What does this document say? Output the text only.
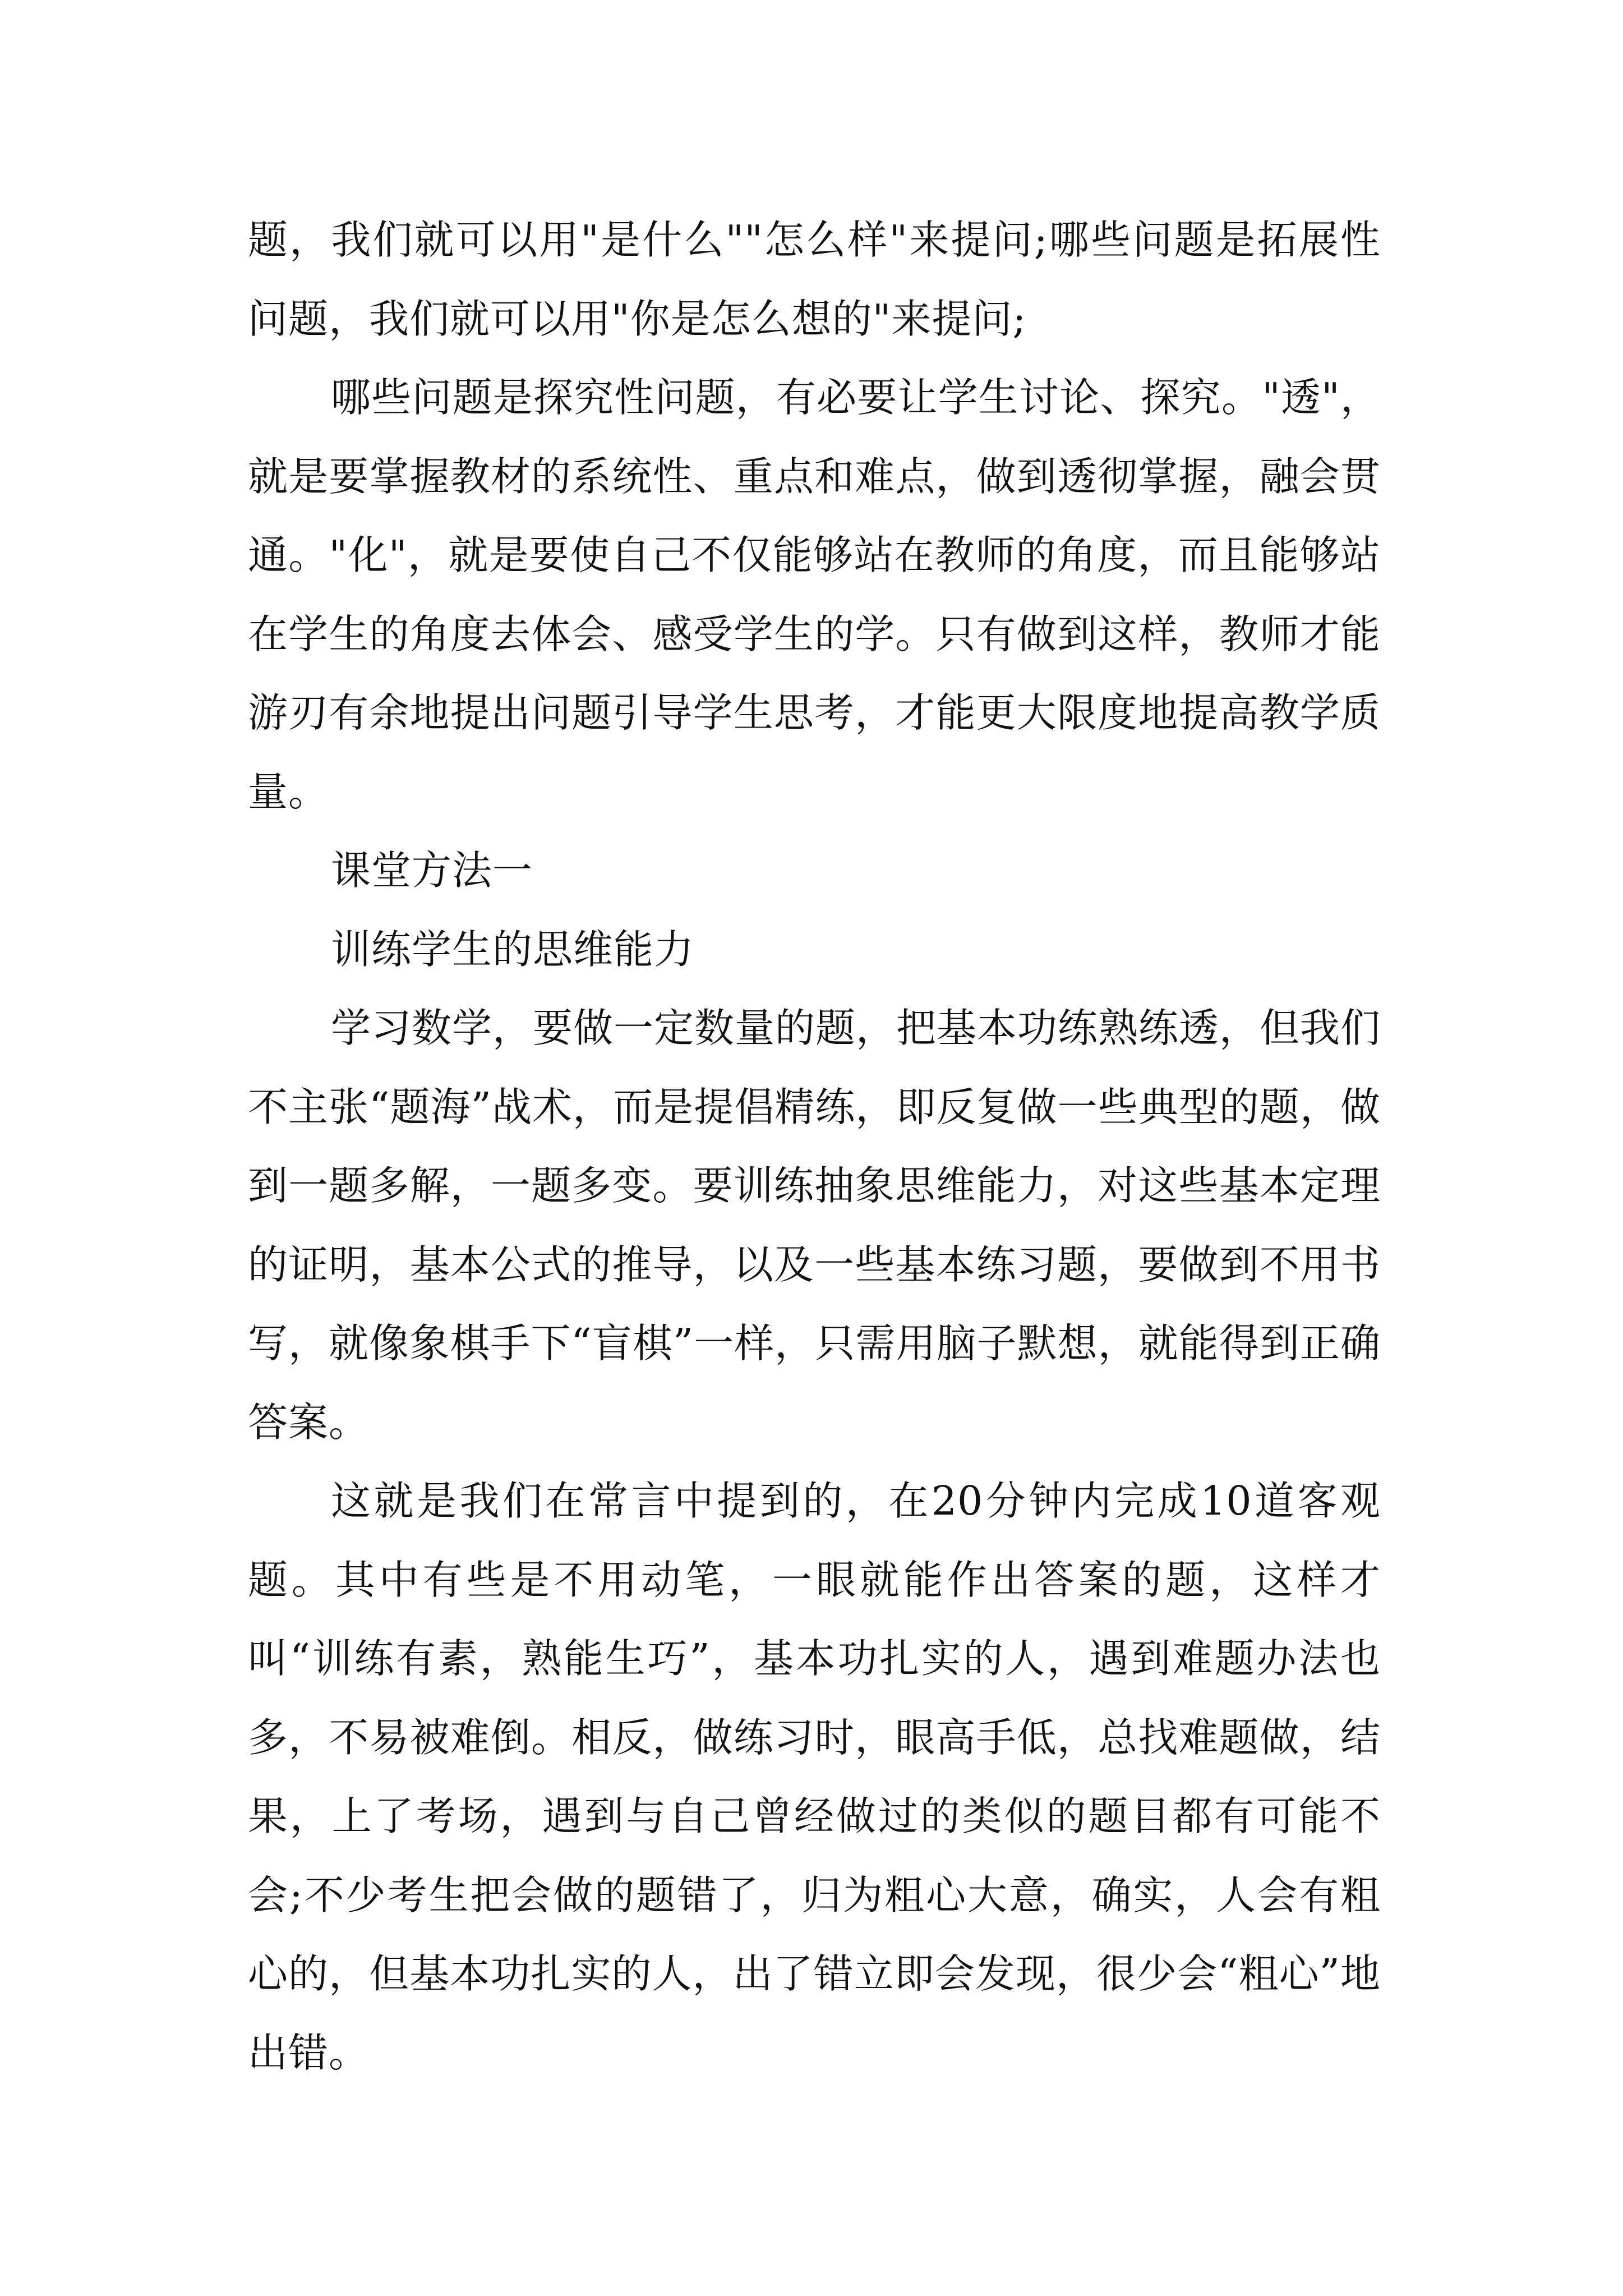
题，我们就可以用"是什么""怎么样"来提问;哪些问题是拓展性问题，我们就可以用"你是怎么想的"来提问;

哪些问题是探究性问题，有必要让学生讨论、探究。"透"，就是要掌握教材的系统性、重点和难点，做到透彻掌握，融会贯通。"化"，就是要使自己不仅能够站在教师的角度，而且能够站在学生的角度去体会、感受学生的学。只有做到这样，教师才能游刃有余地提出问题引导学生思考，才能更大限度地提高教学质量。

课堂方法一

训练学生的思维能力

学习数学，要做一定数量的题，把基本功练熟练透，但我们不主张“题海”战术，而是提倡精练，即反复做一些典型的题，做到一题多解，一题多变。要训练抽象思维能力，对这些基本定理的证明，基本公式的推导，以及一些基本练习题，要做到不用书写，就像象棋手下“盲棋”一样，只需用脑子默想，就能得到正确答案。

这就是我们在常言中提到的，在20分钟内完成10道客观题。其中有些是不用动笔，一眼就能作出答案的题，这样才叫“训练有素，熟能生巧”，基本功扎实的人，遇到难题办法也多，不易被难倒。相反，做练习时，眼高手低，总找难题做，结果，上了考场，遇到与自己曾经做过的类似的题目都有可能不会;不少考生把会做的题错了，归为粗心大意，确实，人会有粗心的，但基本功扎实的人，出了错立即会发现，很少会“粗心”地出错。
